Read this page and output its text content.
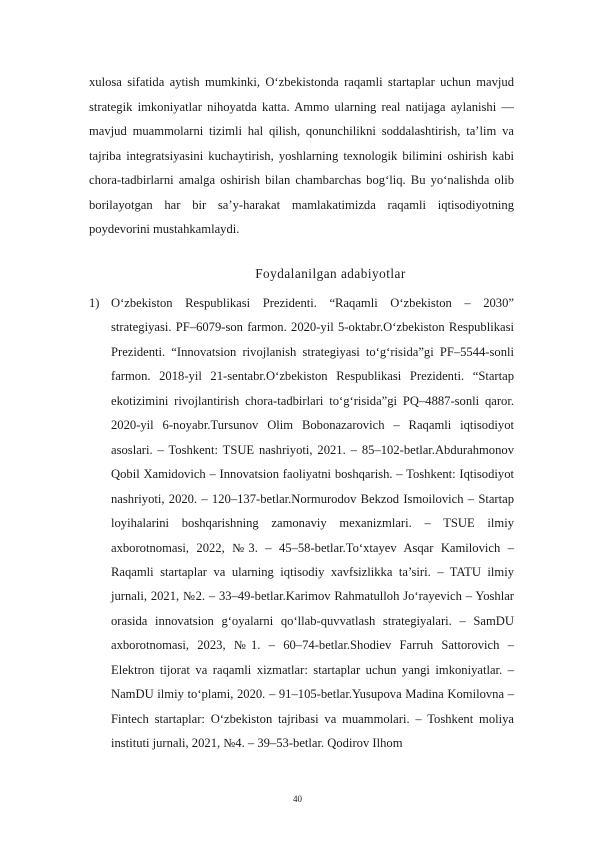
xulosa sifatida aytish mumkinki, O‘zbekistonda raqamli startaplar uchun mavjud strategik imkoniyatlar nihoyatda katta. Ammo ularning real natijaga aylanishi — mavjud muammolarni tizimli hal qilish, qonunchilikni soddalashtirish, ta’lim va tajriba integratsiyasini kuchaytirish, yoshlarning texnologik bilimini oshirish kabi chora-tadbirlarni amalga oshirish bilan chambarchas bog‘liq. Bu yo‘nalishda olib borilayotgan har bir sa’y-harakat mamlakatimizda raqamli iqtisodiyotning poydevorini mustahkamlaydi.

Foydalanilgan adabiyotlar
1) O‘zbekiston Respublikasi Prezidenti. “Raqamli O‘zbekiston – 2030” strategiyasi. PF–6079-son farmon. 2020-yil 5-oktabr.O‘zbekiston Respublikasi Prezidenti. “Innovatsion rivojlanish strategiyasi to‘g‘risida”gi PF–5544-sonli farmon. 2018-yil 21-sentabr.O‘zbekiston Respublikasi Prezidenti. “Startap ekotizimini rivojlantirish chora-tadbirlari to‘g‘risida”gi PQ–4887-sonli qaror. 2020-yil 6-noyabr.Tursunov Olim Bobonazarovich – Raqamli iqtisodiyot asoslari. – Toshkent: TSUE nashriyoti, 2021. – 85–102-betlar.Abdurahmonov Qobil Xamidovich – Innovatsion faoliyatni boshqarish. – Toshkent: Iqtisodiyot nashriyoti, 2020. – 120–137-betlar.Normurodov Bekzod Ismoilovich – Startap loyihalarini boshqarishning zamonaviy mexanizmlari. – TSUE ilmiy axborotnomasi, 2022, №3. – 45–58-betlar.To‘xtayev Asqar Kamilovich – Raqamli startaplar va ularning iqtisodiy xavfsizlikka ta’siri. – TATU ilmiy jurnali, 2021, №2. – 33–49-betlar.Karimov Rahmatulloh Jo‘rayevich – Yoshlar orasida innovatsion g‘oyalarni qo‘llab-quvvatlash strategiyalari. – SamDU axborotnomasi, 2023, №1. – 60–74-betlar.Shodiev Farruh Sattorovich – Elektron tijorat va raqamli xizmatlar: startaplar uchun yangi imkoniyatlar. – NamDU ilmiy to‘plami, 2020. – 91–105-betlar.Yusupova Madina Komilovna – Fintech startaplar: O‘zbekiston tajribasi va muammolari. – Toshkent moliya instituti jurnali, 2021, №4. – 39–53-betlar. Qodirov Ilhom

40
